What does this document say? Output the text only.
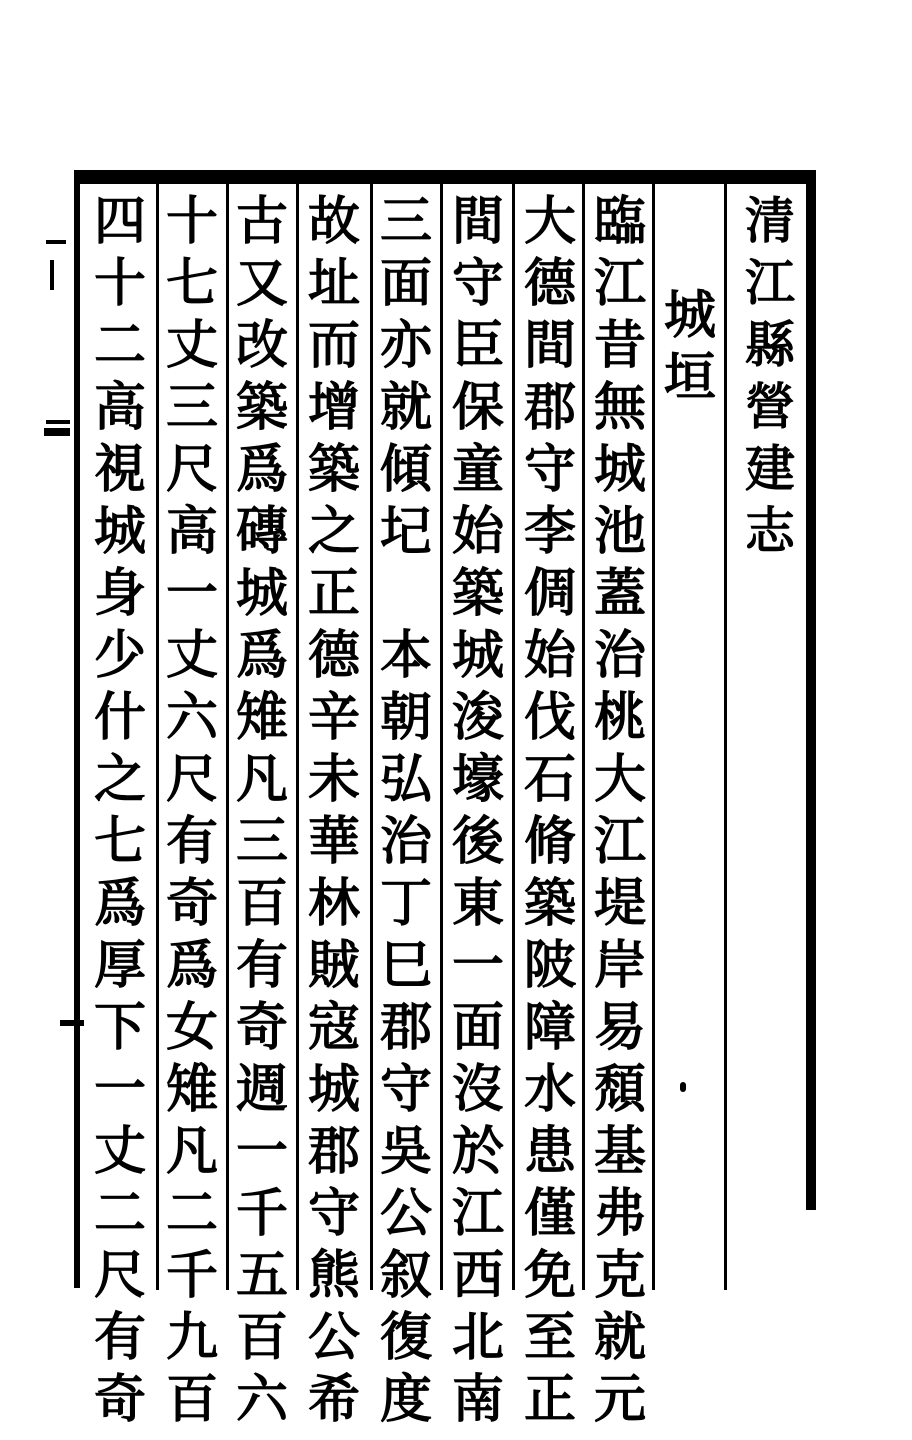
清
江
縣
營
建
志
城
垣
臨
江
昔
無
城
池
蓋
治
桃
大
江
堤
岸
易
頹
基
弗
克
就
元
大
德
間
郡
守
李
倜
始
伐
石
脩
築
陂
障
水
患
僅
免
至
正
間
守
臣
保
童
始
築
城
浚
壕
後
東
一
面
沒
於
江
西
北
南
三
面
亦
就
傾
圮
本
朝
弘
治
丁
巳
郡
守
吳
公
叙
復
度
故
址
而
增
築
之
正
德
辛
未
華
林
賊
寇
城
郡
守
熊
公
希
古
又
改
築
爲
磚
城
爲
雉
凡
三
百
有
奇
週
一
千
五
百
六
十
七
丈
三
尺
高
一
丈
六
尺
有
奇
爲
女
雉
凡
二
千
九
百
四
十
二
高
視
城
身
少
什
之
七
爲
厚
下
一
丈
二
尺
有
奇
